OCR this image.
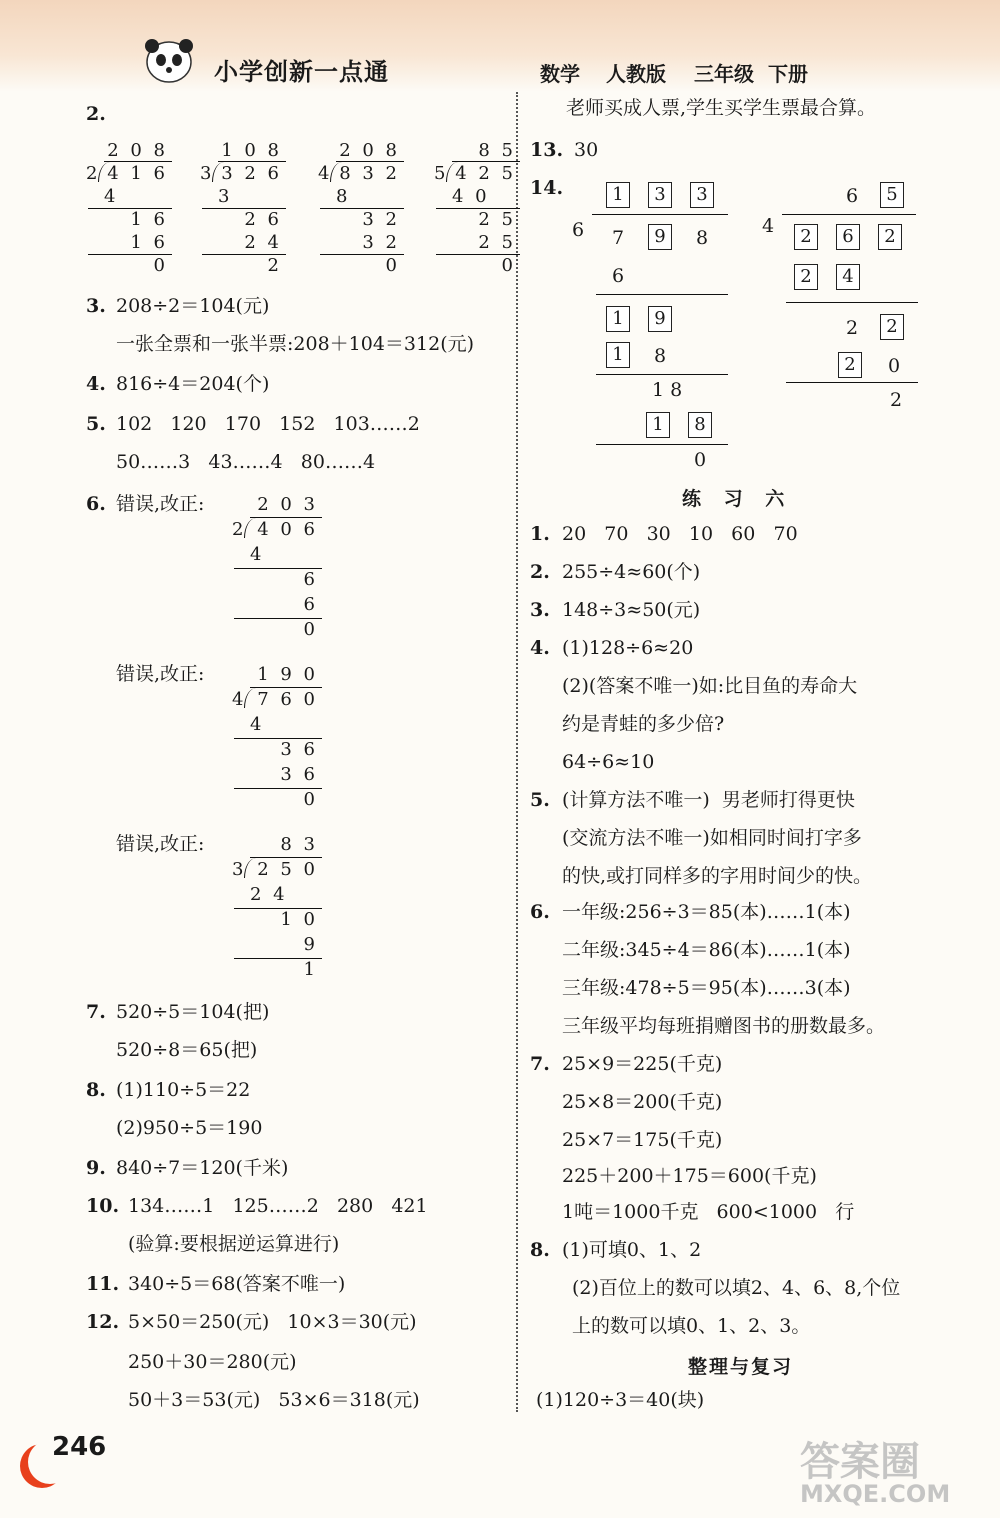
小学创新一点通	数学 人教版 三年级 下册
2.
2 0 8
2 4 1 6
4
1 6
1 6
0
1 0 8
3 3 2 6
3
2 6
2 4
2
2 0 8
4 8 3 2
8
3 2
3 2
0
8 5
5 4 2 5
4 0
2 5
2 5
0
3. 208÷2＝104(元)
一张全票和一张半票:208＋104＝312(元)
4. 816÷4＝204(个)
5. 102   120   170   152   103……2
50……3   43……4   80……4
6. 错误,改正:
错误,改正:
错误,改正:
2 0 3
2 4 0 6
4
6
6
0
1 9 0
4 7 6 0
4
3 6
3 6
0
8 3
3 2 5 0
2 4
1 0
9
1
7. 520÷5＝104(把)
520÷8＝65(把)
8. (1)110÷5＝22
(2)950÷5＝190
9. 840÷7＝120(千米)
10. 134……1   125……2   280   421
(验算:要根据逆运算进行)
11. 340÷5＝68(答案不唯一)
12. 5×50＝250(元)   10×3＝30(元)
250＋30＝280(元)
50＋3＝53(元)   53×6＝318(元)
老师买成人票,学生买学生票最合算。
13. 30
14.	1	3	3
6 7	9	8
6
1	9
1	8
1 8
1	8
0
6	5
4	2	6	2
2	4
2	2
2	0
2
练 习 六
1. 20   70   30   10   60   70
2. 255÷4≈60(个)
3. 148÷3≈50(元)
4. (1)128÷6≈20
(2)(答案不唯一)如:比目鱼的寿命大
约是青蛙的多少倍?
64÷6≈10
5. (计算方法不唯一)  男老师打得更快
(交流方法不唯一)如相同时间打字多
的快,或打同样多的字用时间少的快。
6. 一年级:256÷3＝85(本)……1(本)
二年级:345÷4＝86(本)……1(本)
三年级:478÷5＝95(本)……3(本)
三年级平均每班捐赠图书的册数最多。
7. 25×9＝225(千克)
25×8＝200(千克)
25×7＝175(千克)
225＋200＋175＝600(千克)
1吨＝1000千克   600<1000   行
8. (1)可填0、1、2
(2)百位上的数可以填2、4、6、8,个位
上的数可以填0、1、2、3。
整理与复习
(1)120÷3＝40(块)
246	答案圈
MXQE.COM
